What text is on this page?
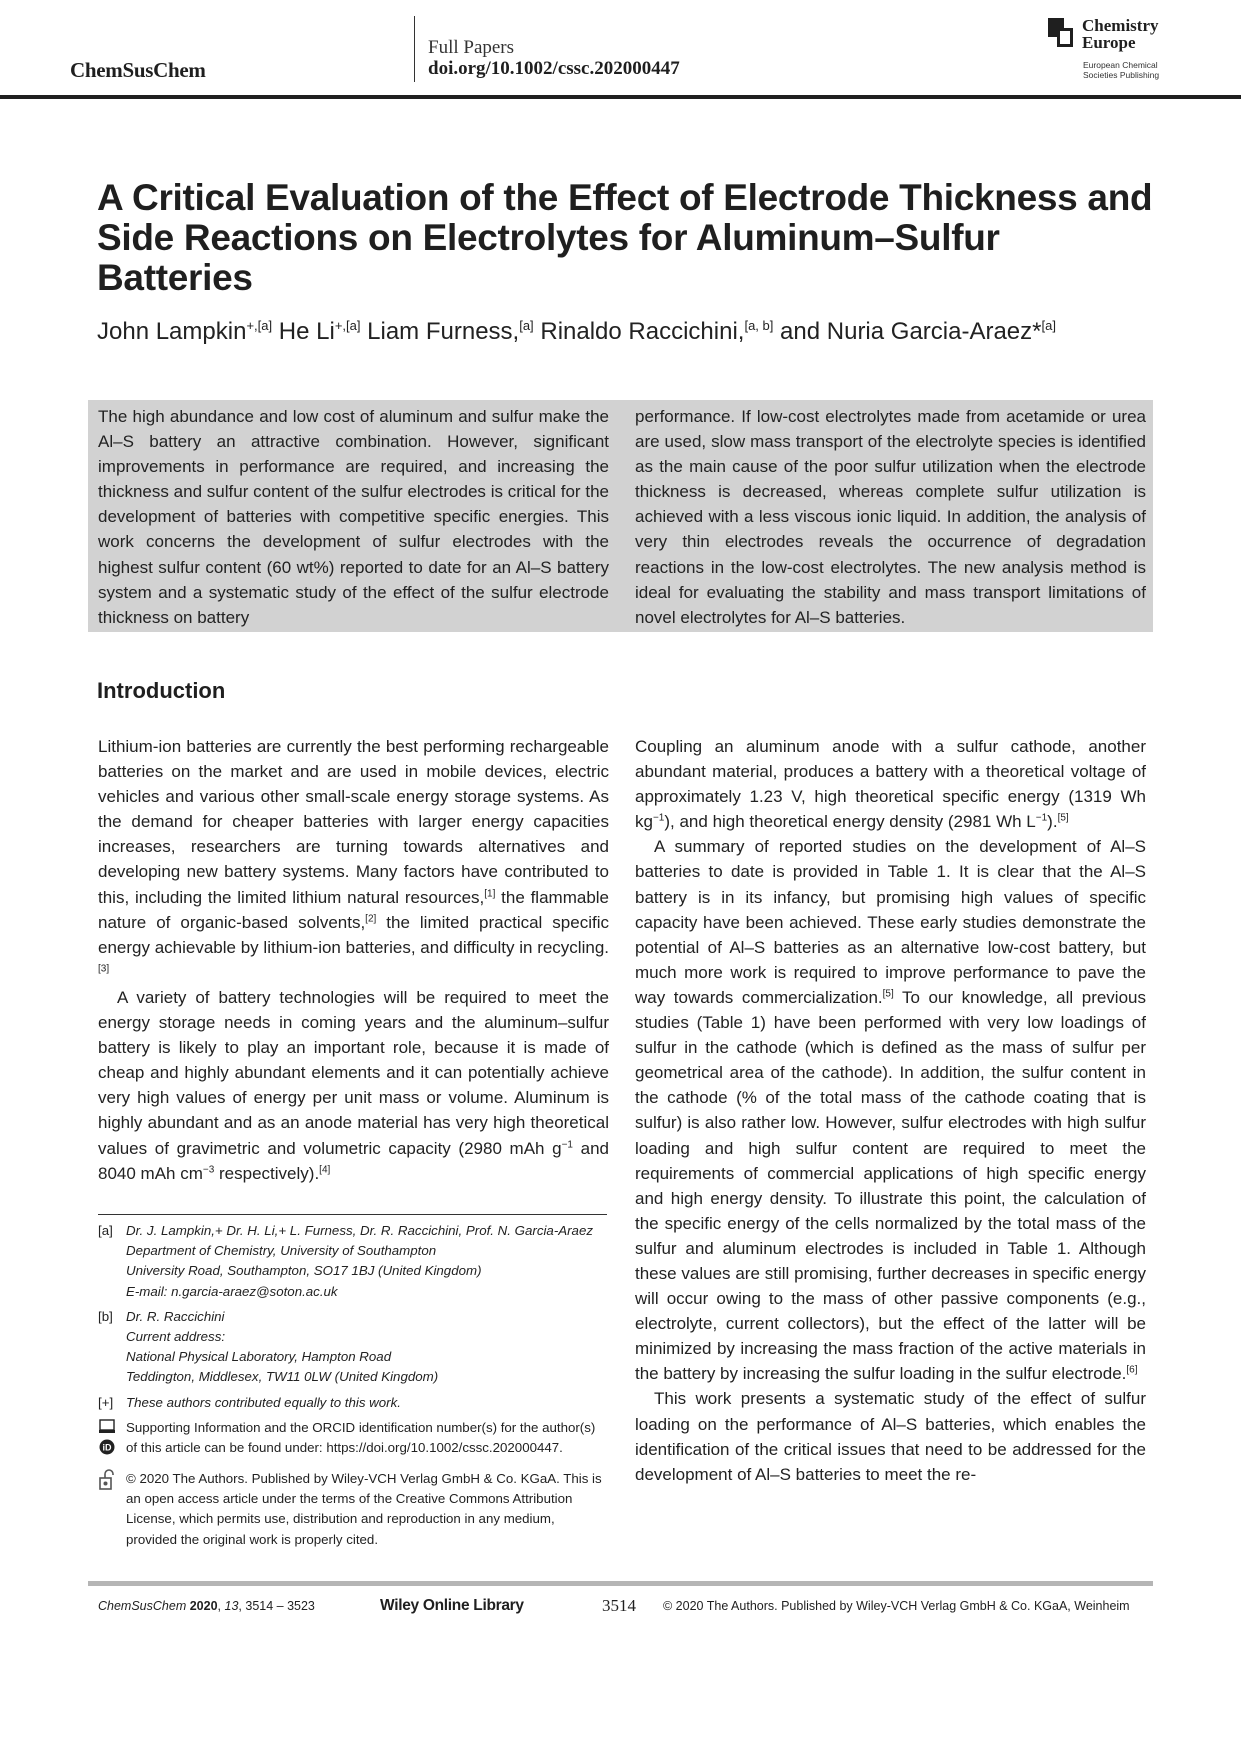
ChemSusChem
Full Papers
doi.org/10.1002/cssc.202000447
Chemistry
Europe
European Chemical
Societies Publishing
A Critical Evaluation of the Effect of Electrode Thickness and Side Reactions on Electrolytes for Aluminum–Sulfur Batteries
John Lampkin$^{+,[a]}$ He $Li^{+,[a]}$ Liam Furness,[a] Rinaldo Raccichini,[a, b] and Nuria Garcia-Araez*[a]

The high abundance and low cost of aluminum and sulfur make the Al–S battery an attractive combination. However, significant improvements in performance are required, and increasing the thickness and sulfur content of the sulfur electrodes is critical for the development of batteries with competitive specific energies. This work concerns the development of sulfur electrodes with the highest sulfur content (60 wt%) reported to date for an Al–S battery system and a systematic study of the effect of the sulfur electrode thickness on battery

performance. If low-cost electrolytes made from acetamide or urea are used, slow mass transport of the electrolyte species is identified as the main cause of the poor sulfur utilization when the electrode thickness is decreased, whereas complete sulfur utilization is achieved with a less viscous ionic liquid. In addition, the analysis of very thin electrodes reveals the occurrence of degradation reactions in the low-cost electrolytes. The new analysis method is ideal for evaluating the stability and mass transport limitations of novel electrolytes for Al–S batteries.

Introduction

Lithium-ion batteries are currently the best performing rechargeable batteries on the market and are used in mobile devices, electric vehicles and various other small-scale energy storage systems. As the demand for cheaper batteries with larger energy capacities increases, researchers are turning towards alternatives and developing new battery systems. Many factors have contributed to this, including the limited lithium natural resources,[1] the flammable nature of organic-based solvents,[2] the limited practical specific energy achievable by lithium-ion batteries, and difficulty in recycling.[3]

A variety of battery technologies will be required to meet the energy storage needs in coming years and the aluminum–sulfur battery is likely to play an important role, because it is made of cheap and highly abundant elements and it can potentially achieve very high values of energy per unit mass or volume. Aluminum is highly abundant and as an anode material has very high theoretical values of gravimetric and volumetric capacity (2980 mAh $g^{-1}$ and 8040 mAh $cm^{-3}$ respectively).[4]

Coupling an aluminum anode with a sulfur cathode, another abundant material, produces a battery with a theoretical voltage of approximately 1.23 V, high theoretical specific energy (1319 Wh $kg^{-1}$), and high theoretical energy density (2981 Wh $L^{-1}).[5]$

A summary of reported studies on the development of Al–S batteries to date is provided in Table 1. It is clear that the Al–S battery is in its infancy, but promising high values of specific capacity have been achieved. These early studies demonstrate the potential of Al–S batteries as an alternative low-cost battery, but much more work is required to improve performance to pave the way towards commercialization.[5] To our knowledge, all previous studies (Table 1) have been performed with very low loadings of sulfur in the cathode (which is defined as the mass of sulfur per geometrical area of the cathode). In addition, the sulfur content in the cathode (% of the total mass of the cathode coating that is sulfur) is also rather low. However, sulfur electrodes with high sulfur loading and high sulfur content are required to meet the requirements of commercial applications of high specific energy and high energy density. To illustrate this point, the calculation of the specific energy of the cells normalized by the total mass of the sulfur and aluminum electrodes is included in Table 1. Although these values are still promising, further decreases in specific energy will occur owing to the mass of other passive components (e.g., electrolyte, current collectors), but the effect of the latter will be minimized by increasing the mass fraction of the active materials in the battery by increasing the sulfur loading in the sulfur electrode.[6]

This work presents a systematic study of the effect of sulfur loading on the performance of Al–S batteries, which enables the identification of the critical issues that need to be addressed for the development of Al–S batteries to meet the re-

[a] Dr. J. Lampkin,+ Dr. H. Li,+ L. Furness, Dr. R. Raccichini, Prof. N. Garcia-Araez
Department of Chemistry, University of Southampton
University Road, Southampton, SO17 1BJ (United Kingdom)
E-mail: n.garcia-araez@soton.ac.uk
[b] Dr. R. Raccichini
Current address:
National Physical Laboratory, Hampton Road
Teddington, Middlesex, TW11 0LW (United Kingdom)
[+] These authors contributed equally to this work.
iD
Supporting Information and the ORCID identification number(s) for the author(s) of this article can be found under: https://doi.org/10.1002/cssc.202000447.
© 2020 The Authors. Published by Wiley-VCH Verlag GmbH & Co. KGaA. This is an open access article under the terms of the Creative Commons Attribution License, which permits use, distribution and reproduction in any medium, provided the original work is properly cited.
ChemSusChem 2020, 13, 3514 – 3523	Wiley Online Library	3514 © 2020 The Authors. Published by Wiley-VCH Verlag GmbH & Co. KGaA, Weinheim
